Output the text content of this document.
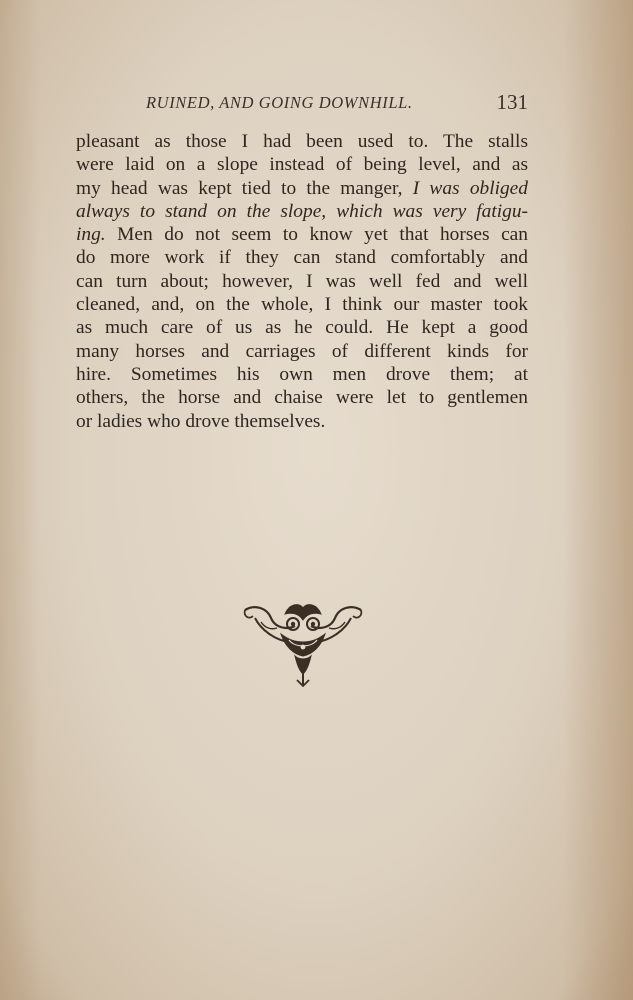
RUINED, AND GOING DOWNHILL.	131
pleasant as those I had been used to. The stalls
were laid on a slope instead of being level, and as
my head was kept tied to the manger, I was obliged
always to stand on the slope, which was very fatigu-
ing. Men do not seem to know yet that horses can
do more work if they can stand comfortably and
can turn about; however, I was well fed and well
cleaned, and, on the whole, I think our master took
as much care of us as he could. He kept a good
many horses and carriages of different kinds for
hire. Sometimes his own men drove them; at
others, the horse and chaise were let to gentlemen
or ladies who drove themselves.
